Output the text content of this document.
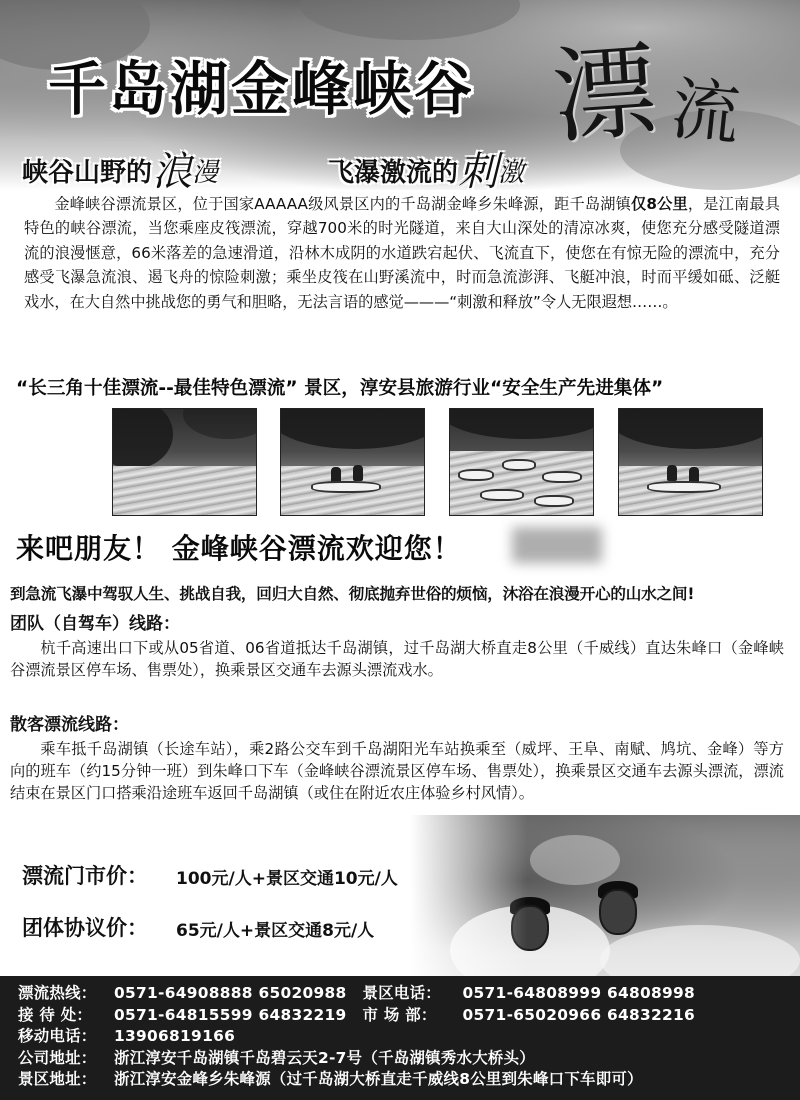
千岛湖金峰峡谷 漂 流
峡谷山野的浪漫	飞瀑激流的刺激
金峰峡谷漂流景区，位于国家AAAAA级风景区内的千岛湖金峰乡朱峰源，距千岛湖镇仅8公里，是江南最具特色的峡谷漂流，当您乘座皮筏漂流，穿越700米的时光隧道，来自大山深处的清凉冰爽，使您充分感受隧道漂流的浪漫惬意，66米落差的急速滑道，沿林木成阴的水道跌宕起伏、飞流直下，使您在有惊无险的漂流中，充分感受飞瀑急流浪、遏飞舟的惊险刺激；乘坐皮筏在山野溪流中，时而急流澎湃、飞艇冲浪，时而平缓如砥、泛艇戏水，在大自然中挑战您的勇气和胆略，无法言语的感觉———“刺激和释放”令人无限遐想……。
“长三角十佳漂流--最佳特色漂流” 景区，淳安县旅游行业“安全生产先进集体”
来吧朋友！ 金峰峡谷漂流欢迎您！
到急流飞瀑中驾驭人生、挑战自我，回归大自然、彻底抛弃世俗的烦恼，沐浴在浪漫开心的山水之间!
团队（自驾车）线路：
杭千高速出口下或从05省道、06省道抵达千岛湖镇，过千岛湖大桥直走8公里（千威线）直达朱峰口（金峰峡谷漂流景区停车场、售票处），换乘景区交通车去源头漂流戏水。
散客漂流线路：
乘车抵千岛湖镇（长途车站），乘2路公交车到千岛湖阳光车站换乘至（威坪、王阜、南赋、鸠坑、金峰）等方向的班车（约15分钟一班）到朱峰口下车（金峰峡谷漂流景区停车场、售票处），换乘景区交通车去源头漂流，漂流结束在景区门口搭乘沿途班车返回千岛湖镇（或住在附近农庄体验乡村风情）。
漂流门市价： 100元/人+景区交通10元/人
团体协议价： 65元/人+景区交通8元/人
漂流热线： 0571-64908888 65020988 景区电话： 0571-64808999 64808998
接 待 处： 0571-64815599 64832219 市 场 部： 0571-65020966 64832216
移动电话： 13906819166
公司地址： 浙江淳安千岛湖镇千岛碧云天2-7号（千岛湖镇秀水大桥头）
景区地址： 浙江淳安金峰乡朱峰源（过千岛湖大桥直走千威线8公里到朱峰口下车即可）
